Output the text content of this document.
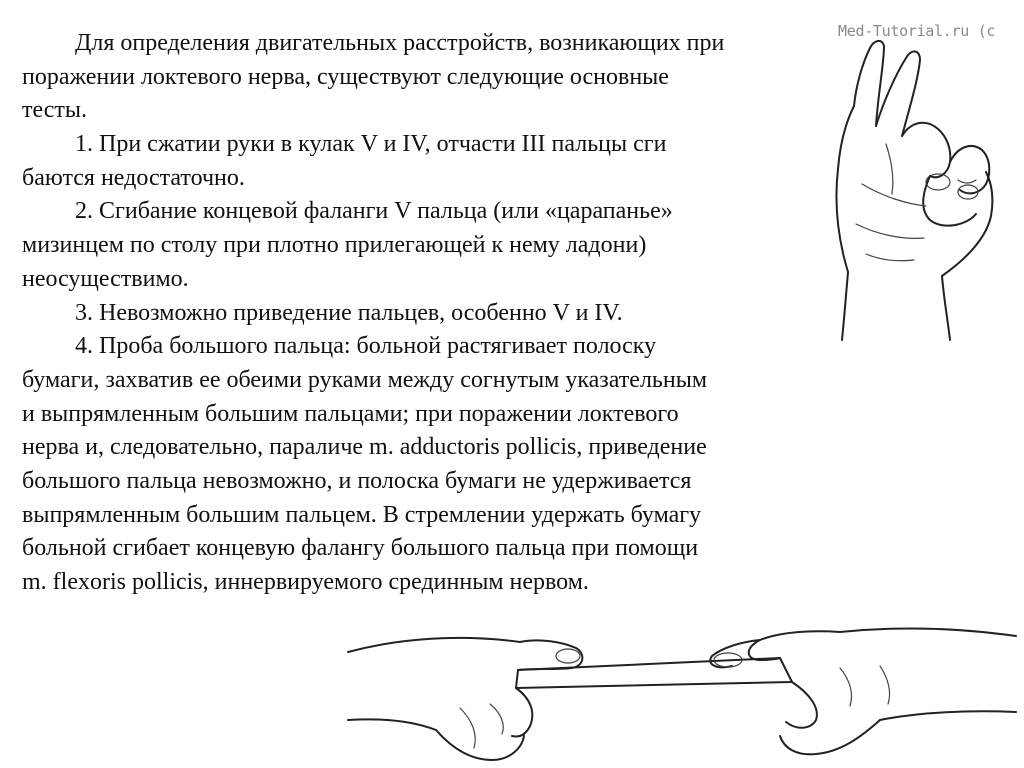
Для определения двигательных расстройств, возникающих при
поражении локтевого нерва, существуют следующие основные
тесты.
1. При сжатии руки в кулак V и IV, отчасти III пальцы сги
баются недостаточно.
2. Сгибание концевой фаланги V пальца (или «царапанье»
мизинцем по столу при плотно прилегающей к нему ладони)
неосуществимо.
3. Невозможно приведение пальцев, особенно V и IV.
4. Проба большого пальца: больной растягивает полоску
бумаги, захватив ее обеими руками между согнутым указательным
и выпрямленным большим пальцами; при поражении локтевого
нерва и, следовательно, параличе m. adductoris pollicis, приведение
большого пальца невозможно, и полоска бумаги не удерживается
выпрямленным большим пальцем. В стремлении удержать бумагу
больной сгибает концевую фалангу большого пальца при помощи
m. flexoris pollicis, иннервируемого срединным нервом.
Med-Tutorial.ru (c
